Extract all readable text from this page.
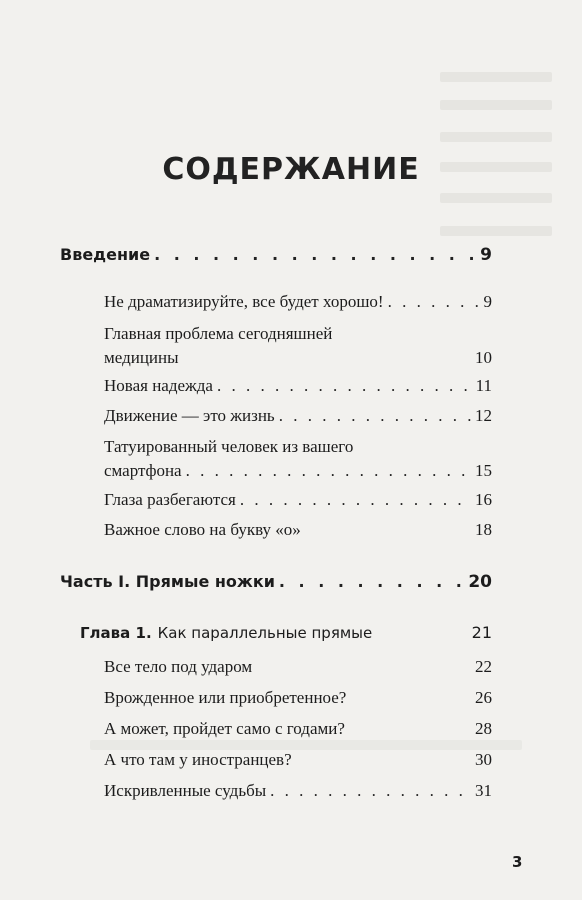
СОДЕРЖАНИЕ
Введение . . .	9
Не драматизируйте, все будет хорошо! . . .	9
Главная проблема сегодняшней
медицины	10
Новая надежда . . .	11
Движение — это жизнь . . .	12
Татуированный человек из вашего
смартфона . . .	15
Глаза разбегаются . . .	16
Важное слово на букву «о»	18
Часть I. Прямые ножки . . .	20
Глава 1. Как параллельные прямые	21
Все тело под ударом	22
Врожденное или приобретенное?	26
А может, пройдет само с годами?	28
А что там у иностранцев?	30
Искривленные судьбы . . .	31
3
